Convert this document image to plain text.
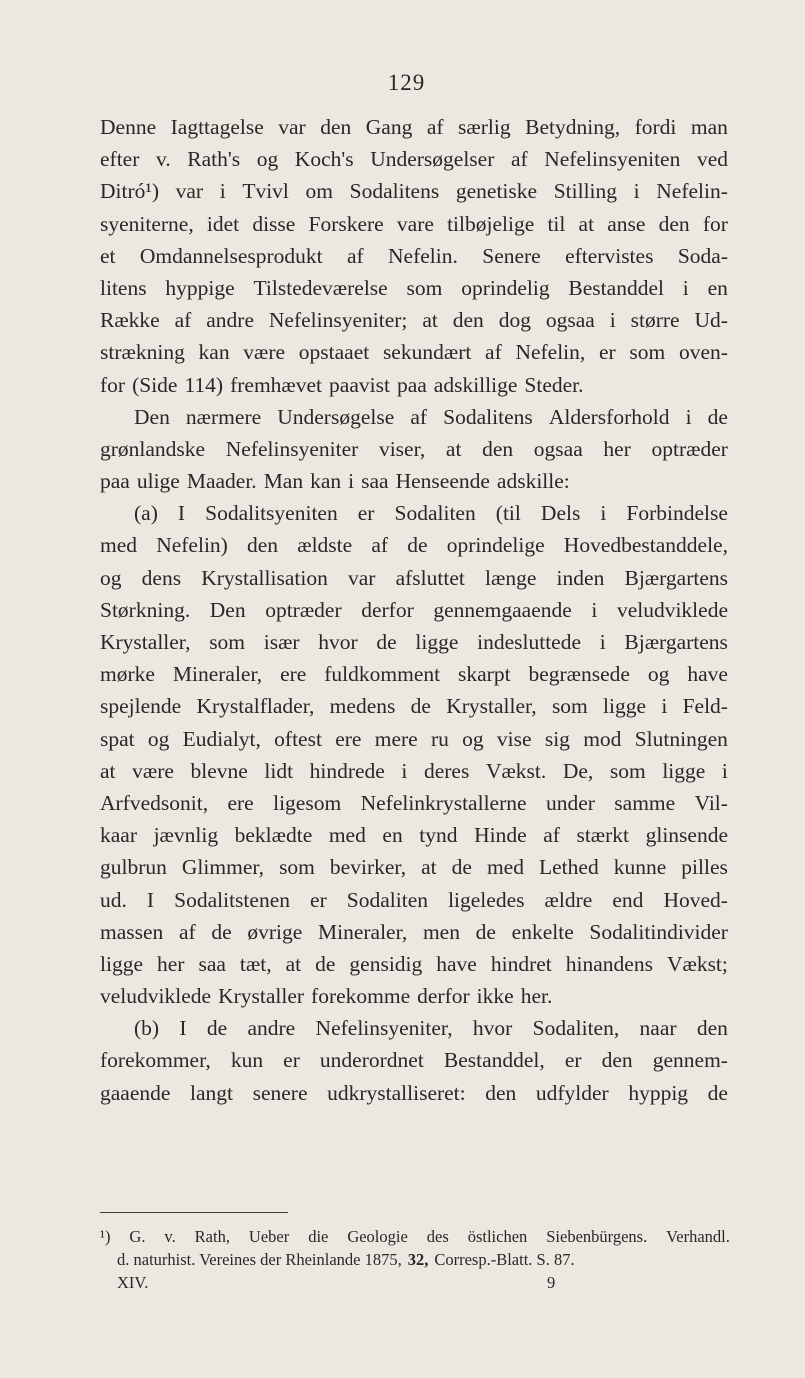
129
Denne Iagttagelse var den Gang af særlig Betydning, fordi man
efter v. Rath's og Koch's Undersøgelser af Nefelinsyeniten ved
Ditró¹) var i Tvivl om Sodalitens genetiske Stilling i Nefelin-
syeniterne, idet disse Forskere vare tilbøjelige til at anse den for
et Omdannelsesprodukt af Nefelin. Senere eftervistes Soda-
litens hyppige Tilstedeværelse som oprindelig Bestanddel i en
Række af andre Nefelinsyeniter; at den dog ogsaa i større Ud-
strækning kan være opstaaet sekundært af Nefelin, er som oven-
for (Side 114) fremhævet paavist paa adskillige Steder.
Den nærmere Undersøgelse af Sodalitens Aldersforhold i de
grønlandske Nefelinsyeniter viser, at den ogsaa her optræder
paa ulige Maader. Man kan i saa Henseende adskille:
(a) I Sodalitsyeniten er Sodaliten (til Dels i Forbindelse
med Nefelin) den ældste af de oprindelige Hovedbestanddele,
og dens Krystallisation var afsluttet længe inden Bjærgartens
Størkning. Den optræder derfor gennemgaaende i veludviklede
Krystaller, som især hvor de ligge indesluttede i Bjærgartens
mørke Mineraler, ere fuldkomment skarpt begrænsede og have
spejlende Krystalflader, medens de Krystaller, som ligge i Feld-
spat og Eudialyt, oftest ere mere ru og vise sig mod Slutningen
at være blevne lidt hindrede i deres Vækst. De, som ligge i
Arfvedsonit, ere ligesom Nefelinkrystallerne under samme Vil-
kaar jævnlig beklædte med en tynd Hinde af stærkt glinsende
gulbrun Glimmer, som bevirker, at de med Lethed kunne pilles
ud. I Sodalitstenen er Sodaliten ligeledes ældre end Hoved-
massen af de øvrige Mineraler, men de enkelte Sodalitindivider
ligge her saa tæt, at de gensidig have hindret hinandens Vækst;
veludviklede Krystaller forekomme derfor ikke her.
(b) I de andre Nefelinsyeniter, hvor Sodaliten, naar den
forekommer, kun er underordnet Bestanddel, er den gennem-
gaaende langt senere udkrystalliseret: den udfylder hyppig de
¹) G. v. Rath, Ueber die Geologie des östlichen Siebenbürgens. Verhandl.
d. naturhist. Vereines der Rheinlande 1875, 32, Corresp.-Blatt. S. 87.
XIV.	9
